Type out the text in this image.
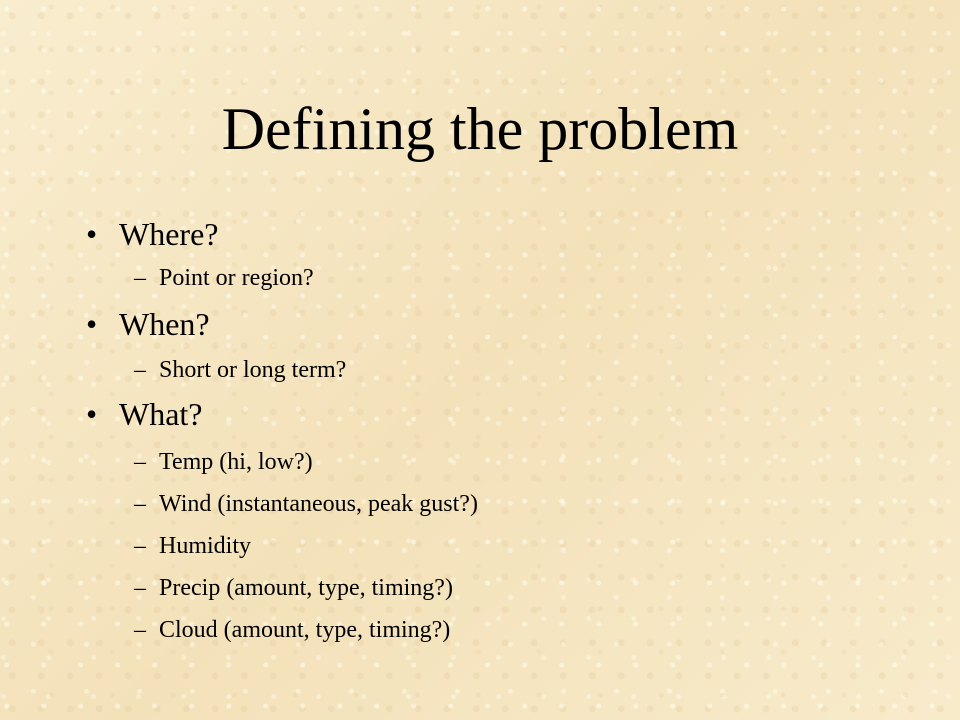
Defining the problem
• Where?
– Point or region?
• When?
– Short or long term?
• What?
– Temp (hi, low?)
– Wind (instantaneous, peak gust?)
– Humidity
– Precip (amount, type, timing?)
– Cloud (amount, type, timing?)
